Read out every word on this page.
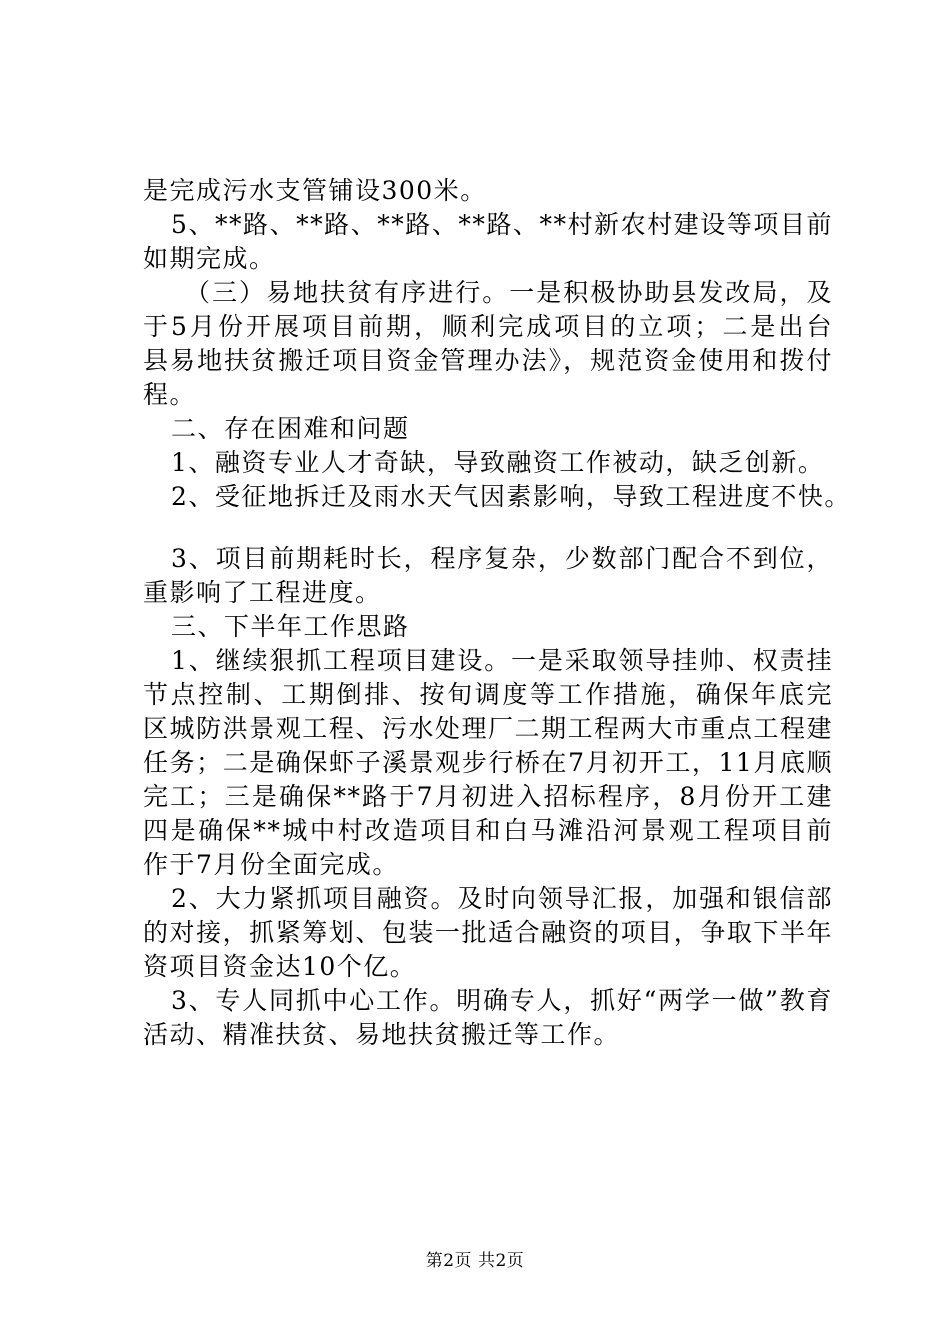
是完成污水支管铺设300米。
5、**路、**路、**路、**路、**村新农村建设等项目前
如期完成。
（三）易地扶贫有序进行。一是积极协助县发改局，及
于5月份开展项目前期，顺利完成项目的立项；二是出台
县易地扶贫搬迁项目资金管理办法》，规范资金使用和拨付
程。
二、存在困难和问题
1、融资专业人才奇缺，导致融资工作被动，缺乏创新。
2、受征地拆迁及雨水天气因素影响，导致工程进度不快。
3、项目前期耗时长，程序复杂，少数部门配合不到位，
重影响了工程进度。
三、下半年工作思路
1、继续狠抓工程项目建设。一是采取领导挂帅、权责挂
节点控制、工期倒排、按旬调度等工作措施，确保年底完
区城防洪景观工程、污水处理厂二期工程两大市重点工程建
任务；二是确保虾子溪景观步行桥在7月初开工，11月底顺
完工；三是确保**路于7月初进入招标程序，8月份开工建
四是确保**城中村改造项目和白马滩沿河景观工程项目前
作于7月份全面完成。
2、大力紧抓项目融资。及时向领导汇报，加强和银信部
的对接，抓紧筹划、包装一批适合融资的项目，争取下半年
资项目资金达10个亿。
3、专人同抓中心工作。明确专人，抓好“两学一做”教育
活动、精准扶贫、易地扶贫搬迁等工作。
第2页 共2页
